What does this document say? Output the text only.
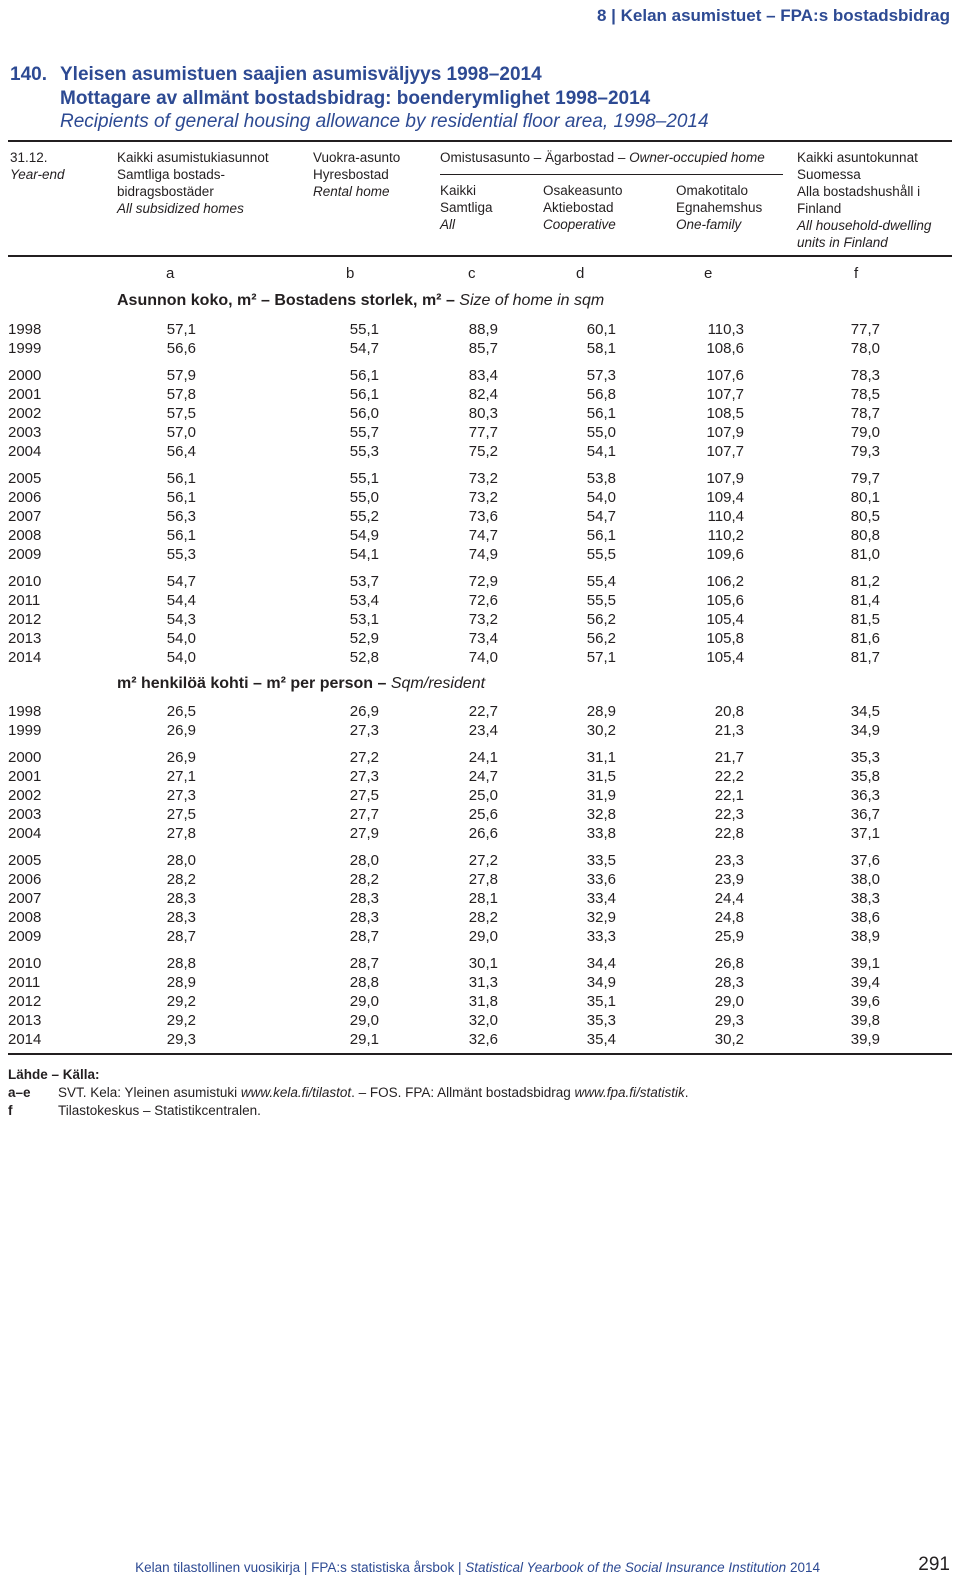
8 | Kelan asumistuet – FPA:s bostadsbidrag
140. Yleisen asumistuen saajien asumisväljyys 1998–2014
Mottagare av allmänt bostadsbidrag: boenderymlighet 1998–2014
Recipients of general housing allowance by residential floor area, 1998–2014
31.12.
Year-end
Kaikki asumistukiasunnot
Samtliga bostads-
bidragsbostäder
All subsidized homes
Vuokra-asunto
Hyresbostad
Rental home
Omistusasunto – Ägarbostad – Owner-occupied home
Kaikki
Samtliga
All
Osakeasunto
Aktiebostad
Cooperative
Omakotitalo
Egnahemshus
One-family
Kaikki asuntokunnat
Suomessa
Alla bostadshushåll i
Finland
All household-dwelling
units in Finland
a	b	c	d	e	f
Asunnon koko, m² – Bostadens storlek, m² – Size of home in sqm
1998	57,1	55,1	88,9	60,1	110,3	77,7
1999	56,6	54,7	85,7	58,1	108,6	78,0
2000	57,9	56,1	83,4	57,3	107,6	78,3
2001	57,8	56,1	82,4	56,8	107,7	78,5
2002	57,5	56,0	80,3	56,1	108,5	78,7
2003	57,0	55,7	77,7	55,0	107,9	79,0
2004	56,4	55,3	75,2	54,1	107,7	79,3
2005	56,1	55,1	73,2	53,8	107,9	79,7
2006	56,1	55,0	73,2	54,0	109,4	80,1
2007	56,3	55,2	73,6	54,7	110,4	80,5
2008	56,1	54,9	74,7	56,1	110,2	80,8
2009	55,3	54,1	74,9	55,5	109,6	81,0
2010	54,7	53,7	72,9	55,4	106,2	81,2
2011	54,4	53,4	72,6	55,5	105,6	81,4
2012	54,3	53,1	73,2	56,2	105,4	81,5
2013	54,0	52,9	73,4	56,2	105,8	81,6
2014	54,0	52,8	74,0	57,1	105,4	81,7
m² henkilöä kohti – m² per person – Sqm/resident
1998	26,5	26,9	22,7	28,9	20,8	34,5
1999	26,9	27,3	23,4	30,2	21,3	34,9
2000	26,9	27,2	24,1	31,1	21,7	35,3
2001	27,1	27,3	24,7	31,5	22,2	35,8
2002	27,3	27,5	25,0	31,9	22,1	36,3
2003	27,5	27,7	25,6	32,8	22,3	36,7
2004	27,8	27,9	26,6	33,8	22,8	37,1
2005	28,0	28,0	27,2	33,5	23,3	37,6
2006	28,2	28,2	27,8	33,6	23,9	38,0
2007	28,3	28,3	28,1	33,4	24,4	38,3
2008	28,3	28,3	28,2	32,9	24,8	38,6
2009	28,7	28,7	29,0	33,3	25,9	38,9
2010	28,8	28,7	30,1	34,4	26,8	39,1
2011	28,9	28,8	31,3	34,9	28,3	39,4
2012	29,2	29,0	31,8	35,1	29,0	39,6
2013	29,2	29,0	32,0	35,3	29,3	39,8
2014	29,3	29,1	32,6	35,4	30,2	39,9
Lähde – Källa:
a–e SVT. Kela: Yleinen asumistuki www.kela.fi/tilastot. – FOS. FPA: Allmänt bostadsbidrag www.fpa.fi/statistik.
f	Tilastokeskus – Statistikcentralen.
Kelan tilastollinen vuosikirja | FPA:s statistiska årsbok | Statistical Yearbook of the Social Insurance Institution 2014	291
